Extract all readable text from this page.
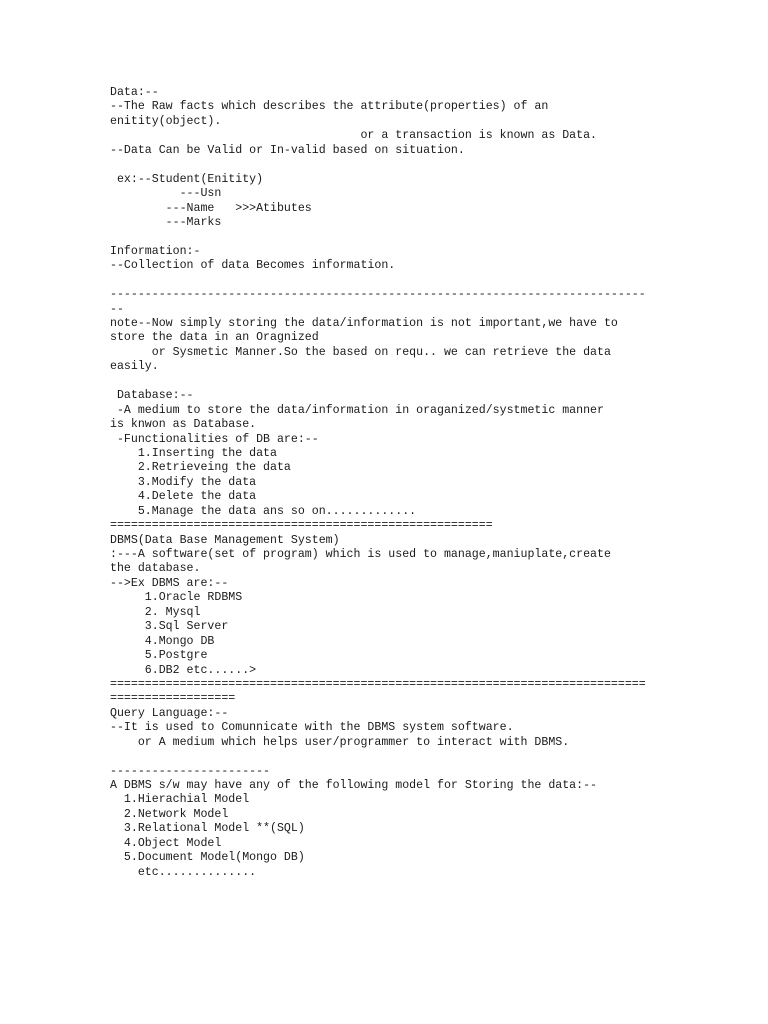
Data:--
--The Raw facts which describes the attribute(properties) of an
enitity(object).
or a transaction is known as Data.
--Data Can be Valid or In-valid based on situation.
ex:--Student(Enitity)
---Usn
---Name   >>>Atibutes
---Marks
Information:-
--Collection of data Becomes information.
-----------------------------------------------------------------------------
--
note--Now simply storing the data/information is not important,we have to
store the data in an Oragnized
or Sysmetic Manner.So the based on requ.. we can retrieve the data
easily.
Database:--
-A medium to store the data/information in oraganized/systmetic manner
is knwon as Database.
-Functionalities of DB are:--
1.Inserting the data
2.Retrieveing the data
3.Modify the data
4.Delete the data
5.Manage the data ans so on.............
=======================================================
DBMS(Data Base Management System)
:---A software(set of program) which is used to manage,maniuplate,create
the database.
-->Ex DBMS are:--
1.Oracle RDBMS
2. Mysql
3.Sql Server
4.Mongo DB
5.Postgre
6.DB2 etc......>
=============================================================================
==================
Query Language:--
--It is used to Comunnicate with the DBMS system software.
or A medium which helps user/programmer to interact with DBMS.
-----------------------
A DBMS s/w may have any of the following model for Storing the data:--
1.Hierachial Model
2.Network Model
3.Relational Model **(SQL)
4.Object Model
5.Document Model(Mongo DB)
etc..............
